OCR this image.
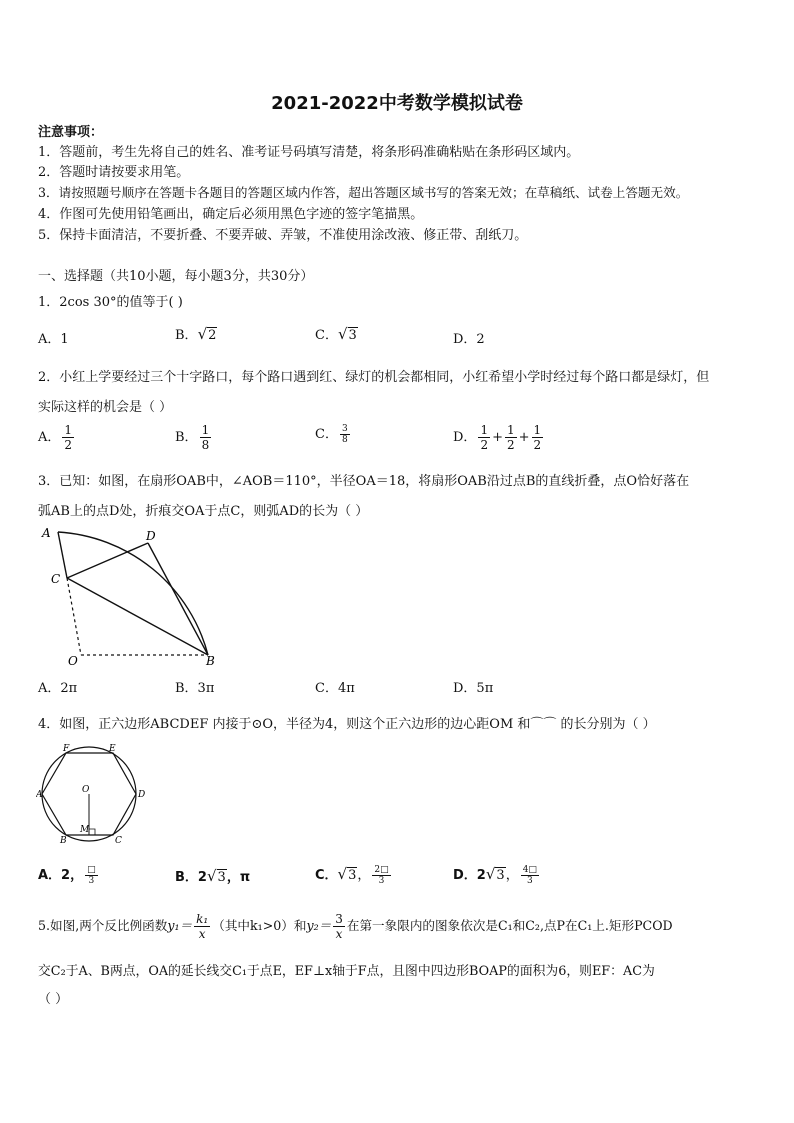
2021-2022中考数学模拟试卷
注意事项：
1．答题前，考生先将自己的姓名、准考证号码填写清楚，将条形码准确粘贴在条形码区域内。
2．答题时请按要求用笔。
3．请按照题号顺序在答题卡各题目的答题区域内作答，超出答题区域书写的答案无效；在草稿纸、试卷上答题无效。
4．作图可先使用铅笔画出，确定后必须用黑色字迹的签字笔描黑。
5．保持卡面清洁，不要折叠、不要弄破、弄皱，不准使用涂改液、修正带、刮纸刀。
一、选择题（共10小题，每小题3分，共30分）
1．2cos 30°的值等于( )
A．1	B． √ 2	C． √ 3	D．2
2．小红上学要经过三个十字路口，每个路口遇到红、绿灯的机会都相同，小红希望小学时经过每个路口都是绿灯，但
实际这样的机会是（ ）
A． $\frac{1}{2}$	B． $\frac{1}{8}$	C． $\frac{3}{8}$	D． $\frac{1}{2} + \frac{1}{2} + \frac{1}{2}$
3．已知：如图，在扇形OAB中，∠AOB＝110°，半径OA＝18，将扇形OAB沿过点B的直线折叠，点O恰好落在
弧AB上的点D处，折痕交OA于点C，则弧AD的长为（ ）
A	D
C
O	B
A．2π	B．3π	C．4π	D．5π
4．如图，正六边形ABCDEF 内接于⊙O，半径为4，则这个正六边形的边心距OM 和⌒⌒ 的长分别为（ ）
F	E
A	O	D
M
B	C
A．2， $\frac{□}{3}$	B．2 √ 3 ，π	C． √ 3 ， $\frac{2□}{3}$	D．2 √ 3 ， $\frac{4□}{3}$
5.如图,两个反比例函数$y_1= \frac{\text{k₁}}{x}$ （其中k₁>0）和$y_2= \frac{3}{x}$ 在第一象限内的图象依次是C₁和C₂,点P在C₁上.矩形PCOD
交C₂于A、B两点，OA的延长线交C₁于点E，EF⊥x轴于F点，且图中四边形BOAP的面积为6，则EF：AC为
（ ）
